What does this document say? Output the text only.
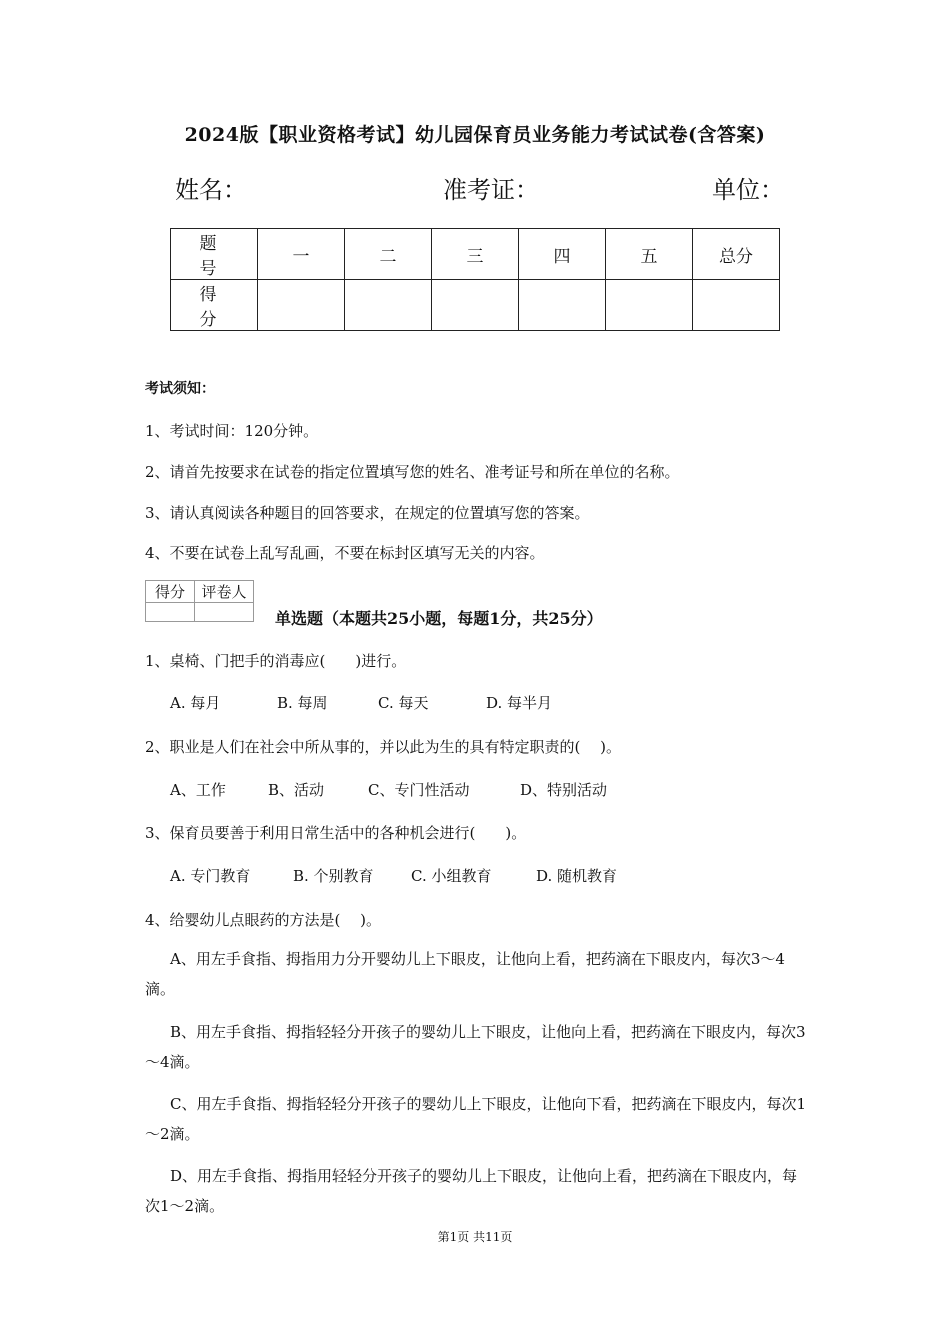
2024版【职业资格考试】幼儿园保育员业务能力考试试卷(含答案)
姓名：	准考证：	单位：
题　号	一	二	三	四	五	总分
得　分						
考试须知：
1、考试时间：120分钟。
2、请首先按要求在试卷的指定位置填写您的姓名、准考证号和所在单位的名称。
3、请认真阅读各种题目的回答要求，在规定的位置填写您的答案。
4、不要在试卷上乱写乱画，不要在标封区填写无关的内容。
得分	评卷人

单选题（本题共25小题，每题1分，共25分）
1、桌椅、门把手的消毒应(　　)进行。
A. 每月	B. 每周	C. 每天	D. 每半月
2、职业是人们在社会中所从事的，并以此为生的具有特定职责的(　 )。
A、工作	B、活动	C、专门性活动	D、特别活动
3、保育员要善于利用日常生活中的各种机会进行(　　)。
A. 专门教育	B. 个别教育 C. 小组教育	D. 随机教育
4、给婴幼儿点眼药的方法是(　 )。
A、用左手食指、拇指用力分开婴幼儿上下眼皮，让他向上看，把药滴在下眼皮内，每次3～4滴。
B、用左手食指、拇指轻轻分开孩子的婴幼儿上下眼皮，让他向上看，把药滴在下眼皮内，每次3～4滴。
C、用左手食指、拇指轻轻分开孩子的婴幼儿上下眼皮，让他向下看，把药滴在下眼皮内，每次1～2滴。
D、用左手食指、拇指用轻轻分开孩子的婴幼儿上下眼皮，让他向上看，把药滴在下眼皮内，每次1～2滴。
第1页 共11页
